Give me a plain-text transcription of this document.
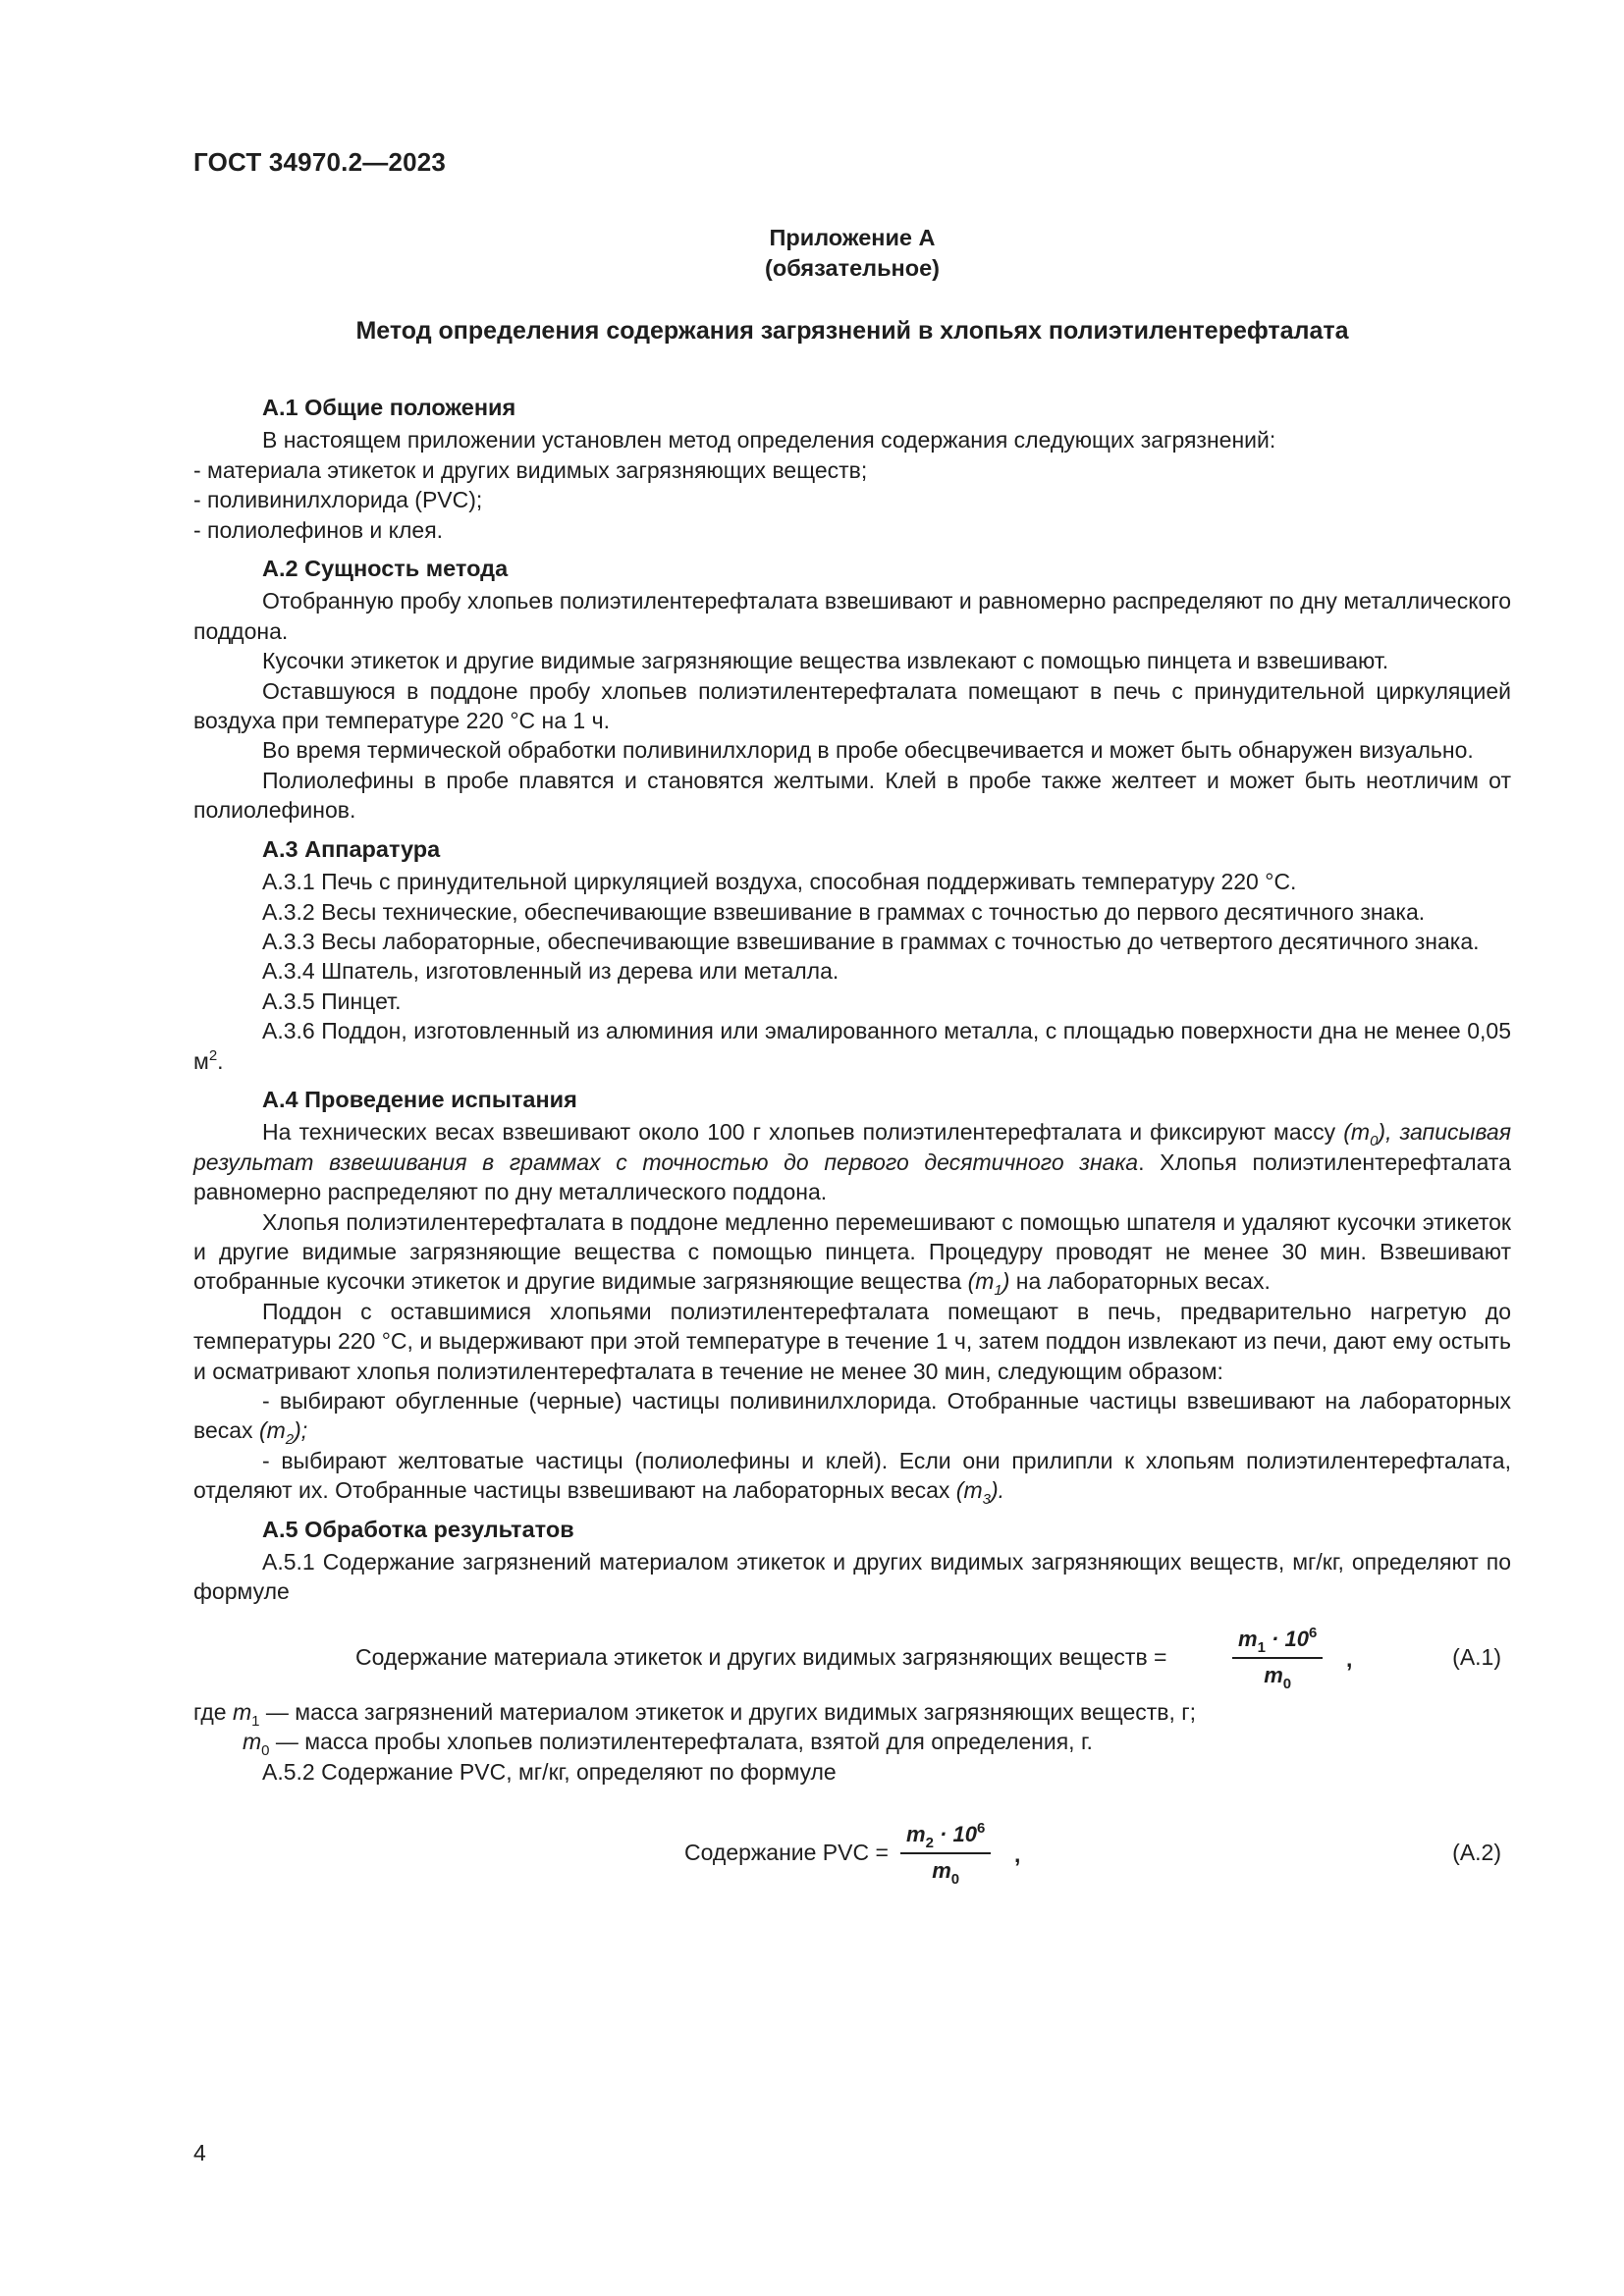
ГОСТ 34970.2—2023
Приложение А
(обязательное)
Метод определения содержания загрязнений в хлопьях полиэтилентерефталата

А.1 Общие положения

В настоящем приложении установлен метод определения содержания следующих загрязнений:

- материала этикеток и других видимых загрязняющих веществ;

- поливинилхлорида (PVC);

- полиолефинов и клея.

А.2 Сущность метода

Отобранную пробу хлопьев полиэтилентерефталата взвешивают и равномерно распределяют по дну металлического поддона.

Кусочки этикеток и другие видимые загрязняющие вещества извлекают с помощью пинцета и взвешивают.

Оставшуюся в поддоне пробу хлопьев полиэтилентерефталата помещают в печь с принудительной циркуляцией воздуха при температуре 220 °С на 1 ч.

Во время термической обработки поливинилхлорид в пробе обесцвечивается и может быть обнаружен визуально.

Полиолефины в пробе плавятся и становятся желтыми. Клей в пробе также желтеет и может быть неотличим от полиолефинов.

А.3 Аппаратура

А.3.1 Печь с принудительной циркуляцией воздуха, способная поддерживать температуру 220 °С.

А.3.2 Весы технические, обеспечивающие взвешивание в граммах с точностью до первого десятичного знака.

А.3.3 Весы лабораторные, обеспечивающие взвешивание в граммах с точностью до четвертого десятичного знака.

А.3.4 Шпатель, изготовленный из дерева или металла.

А.3.5 Пинцет.

А.3.6 Поддон, изготовленный из алюминия или эмалированного металла, с площадью поверхности дна не менее 0,05 $м^2$.

А.4 Проведение испытания

На технических весах взвешивают около 100 г хлопьев полиэтилентерефталата и фиксируют массу $(m_0)$, записывая результат взвешивания в граммах с точностью до первого десятичного знака. Хлопья полиэтилентерефталата равномерно распределяют по дну металлического поддона.

Хлопья полиэтилентерефталата в поддоне медленно перемешивают с помощью шпателя и удаляют кусочки этикеток и другие видимые загрязняющие вещества с помощью пинцета. Процедуру проводят не менее 30 мин. Взвешивают отобранные кусочки этикеток и другие видимые загрязняющие вещества $(m_1)$ на лабораторных весах.

Поддон с оставшимися хлопьями полиэтилентерефталата помещают в печь, предварительно нагретую до температуры 220 °С, и выдерживают при этой температуре в течение 1 ч, затем поддон извлекают из печи, дают ему остыть и осматривают хлопья полиэтилентерефталата в течение не менее 30 мин, следующим образом:

- выбирают обугленные (черные) частицы поливинилхлорида. Отобранные частицы взвешивают на лабораторных весах $(m_2)$;

- выбирают желтоватые частицы (полиолефины и клей). Если они прилипли к хлопьям полиэтилентерефталата, отделяют их. Отобранные частицы взвешивают на лабораторных весах $(m_3)$.

А.5 Обработка результатов

А.5.1 Содержание загрязнений материалом этикеток и других видимых загрязняющих веществ, мг/кг, определяют по формуле

Содержание материала этикеток и других видимых загрязняющих веществ =	$\frac{m_1 \cdot 10^6}{m_0}$ ,	(А.1)

где $m_1$ — масса загрязнений материалом этикеток и других видимых загрязняющих веществ, г;

$m_0$ — масса пробы хлопьев полиэтилентерефталата, взятой для определения, г.

А.5.2 Содержание PVC, мг/кг, определяют по формуле

Содержание PVC = $\frac{m_2 \cdot 10^6}{m_0}$ ,	(А.2)
4
